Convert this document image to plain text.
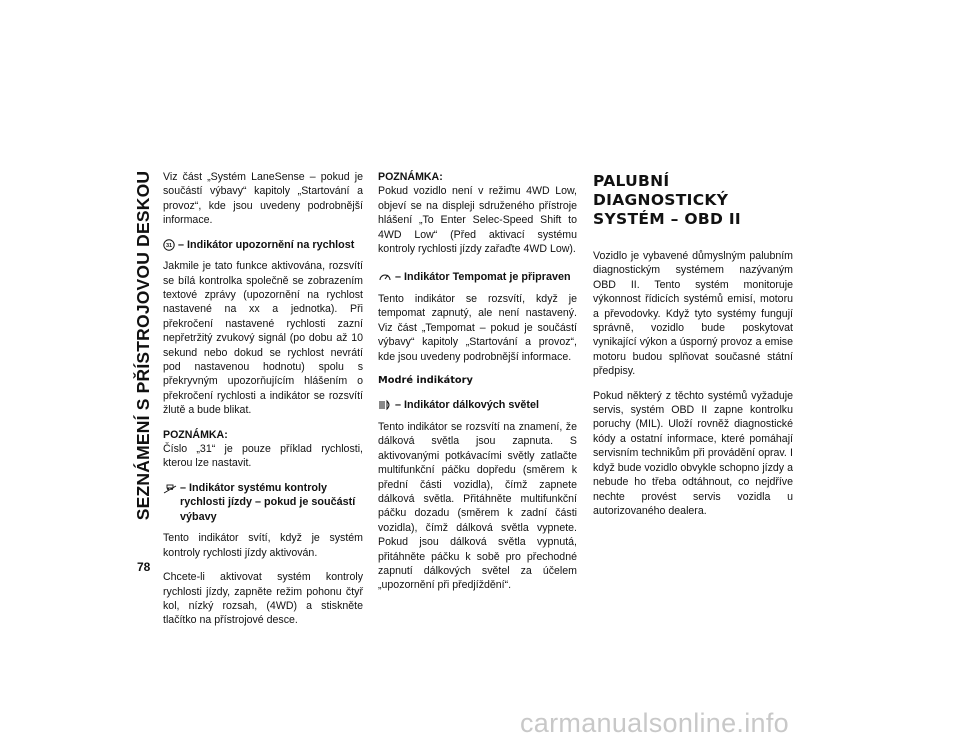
SEZNÁMENÍ S PŘÍSTROJOVOU DESKOU
78

Viz část „Systém LaneSense – pokud je součástí výbavy“ kapitoly „Startování a provoz“, kde jsou uvedeny podrobnější informace.

31 – Indikátor upozornění na rychlost

Jakmile je tato funkce aktivována, rozsvítí se bílá kontrolka společně se zobrazením textové zprávy (upozornění na rychlost nastavené na xx a jednotka). Při překročení nastavené rychlosti zazní nepřetržitý zvukový signál (po dobu až 10 sekund nebo dokud se rychlost nevrátí pod nastavenou hodnotu) spolu s překryvným upozorňujícím hlášením o překročení rychlosti a indikátor se rozsvítí žlutě a bude blikat.

POZNÁMKA:

Číslo „31“ je pouze příklad rychlosti, kterou lze nastavit.

– Indikátor systému kontroly rychlosti jízdy – pokud je součástí výbavy

Tento indikátor svítí, když je systém kontroly rychlosti jízdy aktivován.

Chcete-li aktivovat systém kontroly rychlosti jízdy, zapněte režim pohonu čtyř kol, nízký rozsah, (4WD) a stiskněte tlačítko na přístrojové desce.

POZNÁMKA:

Pokud vozidlo není v režimu 4WD Low, objeví se na displeji sdruženého přístroje hlášení „To Enter Selec-Speed Shift to 4WD Low“ (Před aktivací systému kontroly rychlosti jízdy zařaďte 4WD Low).

– Indikátor Tempomat je připraven

Tento indikátor se rozsvítí, když je tempomat zapnutý, ale není nastavený. Viz část „Tempomat – pokud je součástí výbavy“ kapitoly „Startování a provoz“, kde jsou uvedeny podrobnější informace.

Modré indikátory
– Indikátor dálkových světel

Tento indikátor se rozsvítí na znamení, že dálková světla jsou zapnuta. S aktivovanými potkávacími světly zatlačte multifunkční páčku dopředu (směrem k přední části vozidla), čímž zapnete dálková světla. Přitáhněte multifunkční páčku dozadu (směrem k zadní části vozidla), čímž dálková světla vypnete. Pokud jsou dálková světla vypnutá, přitáhněte páčku k sobě pro přechodné zapnutí dálkových světel za účelem „upozornění při předjíždění“.

PALUBNÍ DIAGNOSTICKÝ SYSTÉM – OBD II

Vozidlo je vybavené důmyslným palubním diagnostickým systémem nazývaným OBD II. Tento systém monitoruje výkonnost řídicích systémů emisí, motoru a převodovky. Když tyto systémy fungují správně, vozidlo bude poskytovat vynikající výkon a úsporný provoz a emise motoru budou splňovat současné státní předpisy.

Pokud některý z těchto systémů vyžaduje servis, systém OBD II zapne kontrolku poruchy (MIL). Uloží rovněž diagnostické kódy a ostatní informace, které pomáhají servisním technikům při provádění oprav. I když bude vozidlo obvykle schopno jízdy a nebude ho třeba odtáhnout, co nejdříve nechte provést servis vozidla u autorizovaného dealera.

carmanualsonline.info
